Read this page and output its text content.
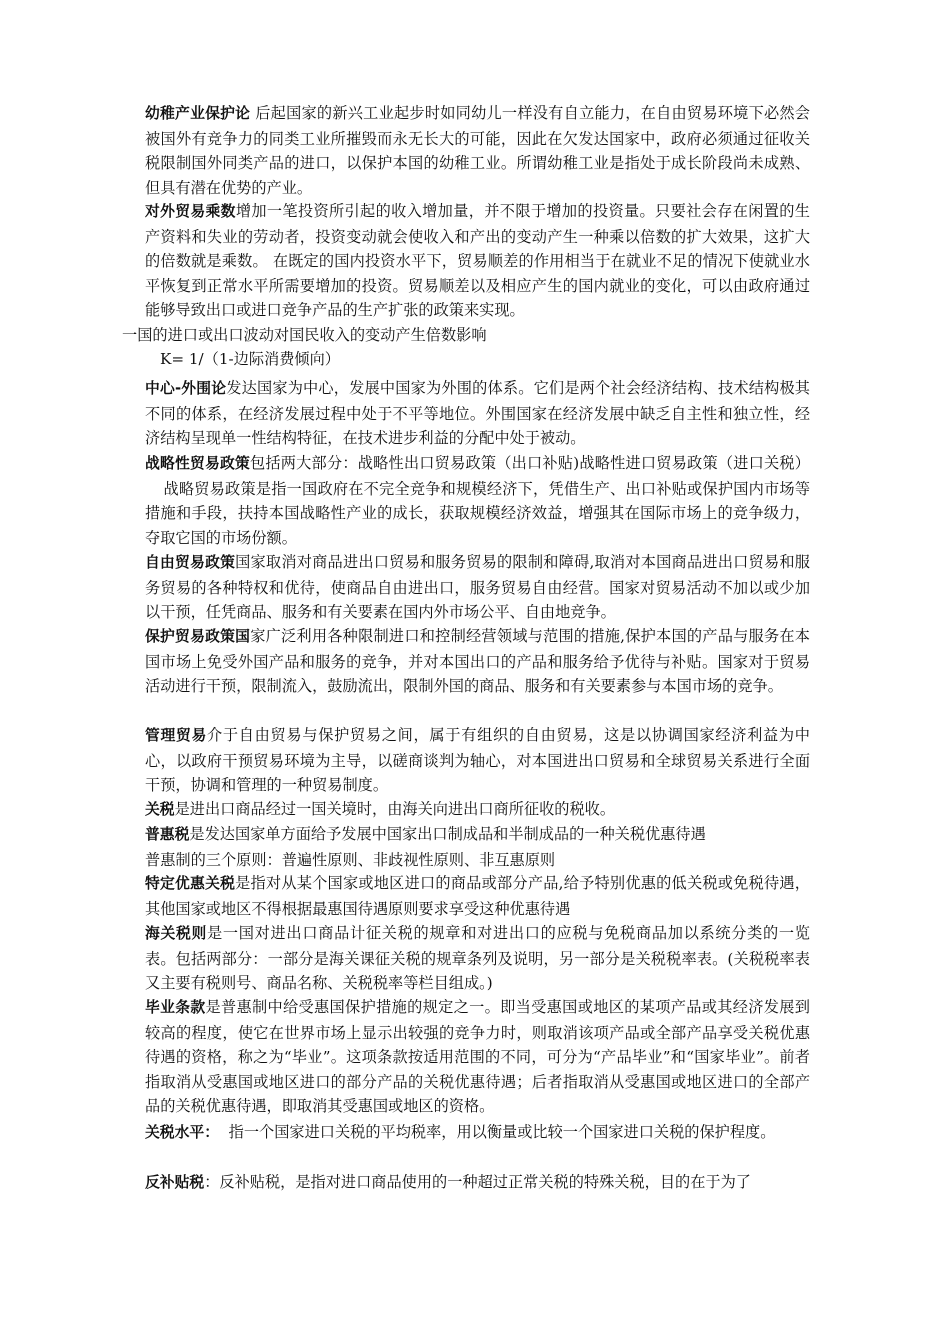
幼稚产业保护论 后起国家的新兴工业起步时如同幼儿一样没有自立能力，在自由贸易环境下必然会被国外有竞争力的同类工业所摧毁而永无长大的可能，因此在欠发达国家中，政府必须通过征收关税限制国外同类产品的进口，以保护本国的幼稚工业。所谓幼稚工业是指处于成长阶段尚未成熟、但具有潜在优势的产业。

对外贸易乘数增加一笔投资所引起的收入增加量，并不限于增加的投资量。只要社会存在闲置的生产资料和失业的劳动者，投资变动就会使收入和产出的变动产生一种乘以倍数的扩大效果，这扩大的倍数就是乘数。 在既定的国内投资水平下，贸易顺差的作用相当于在就业不足的情况下使就业水平恢复到正常水平所需要增加的投资。贸易顺差以及相应产生的国内就业的变化，可以由政府通过能够导致出口或进口竞争产品的生产扩张的政策来实现。

一国的进口或出口波动对国民收入的变动产生倍数影响

K= 1/（1-边际消费倾向）

中心-外围论发达国家为中心，发展中国家为外围的体系。它们是两个社会经济结构、技术结构极其不同的体系，在经济发展过程中处于不平等地位。外围国家在经济发展中缺乏自主性和独立性，经济结构呈现单一性结构特征，在技术进步利益的分配中处于被动。

战略性贸易政策包括两大部分：战略性出口贸易政策（出口补贴)战略性进口贸易政策（进口关税）战略贸易政策是指一国政府在不完全竞争和规模经济下，凭借生产、出口补贴或保护国内市场等措施和手段，扶持本国战略性产业的成长，获取规模经济效益，增强其在国际市场上的竞争级力，夺取它国的市场份额。

自由贸易政策国家取消对商品进出口贸易和服务贸易的限制和障碍,取消对本国商品进出口贸易和服务贸易的各种特权和优待，使商品自由进出口，服务贸易自由经营。国家对贸易活动不加以或少加以干预，任凭商品、服务和有关要素在国内外市场公平、自由地竞争。

保护贸易政策国家广泛利用各种限制进口和控制经营领域与范围的措施,保护本国的产品与服务在本国市场上免受外国产品和服务的竞争，并对本国出口的产品和服务给予优待与补贴。国家对于贸易活动进行干预，限制流入，鼓励流出，限制外国的商品、服务和有关要素参与本国市场的竞争。

管理贸易介于自由贸易与保护贸易之间，属于有组织的自由贸易，这是以协调国家经济利益为中心，以政府干预贸易环境为主导，以磋商谈判为轴心，对本国进出口贸易和全球贸易关系进行全面干预，协调和管理的一种贸易制度。

关税是进出口商品经过一国关境时，由海关向进出口商所征收的税收。

普惠税是发达国家单方面给予发展中国家出口制成品和半制成品的一种关税优惠待遇
普惠制的三个原则：普遍性原则、非歧视性原则、非互惠原则

特定优惠关税是指对从某个国家或地区进口的商品或部分产品,给予特别优惠的低关税或免税待遇，其他国家或地区不得根据最惠国待遇原则要求享受这种优惠待遇

海关税则是一国对进出口商品计征关税的规章和对进出口的应税与免税商品加以系统分类的一览表。包括两部分：一部分是海关课征关税的规章条列及说明，另一部分是关税税率表。(关税税率表又主要有税则号、商品名称、关税税率等栏目组成。)

毕业条款是普惠制中给受惠国保护措施的规定之一。即当受惠国或地区的某项产品或其经济发展到较高的程度，使它在世界市场上显示出较强的竞争力时，则取消该项产品或全部产品享受关税优惠待遇的资格，称之为“毕业”。这项条款按适用范围的不同，可分为“产品毕业”和“国家毕业”。前者指取消从受惠国或地区进口的部分产品的关税优惠待遇；后者指取消从受惠国或地区进口的全部产品的关税优惠待遇，即取消其受惠国或地区的资格。

关税水平： 指一个国家进口关税的平均税率，用以衡量或比较一个国家进口关税的保护程度。

反补贴税：反补贴税，是指对进口商品使用的一种超过正常关税的特殊关税，目的在于为了
